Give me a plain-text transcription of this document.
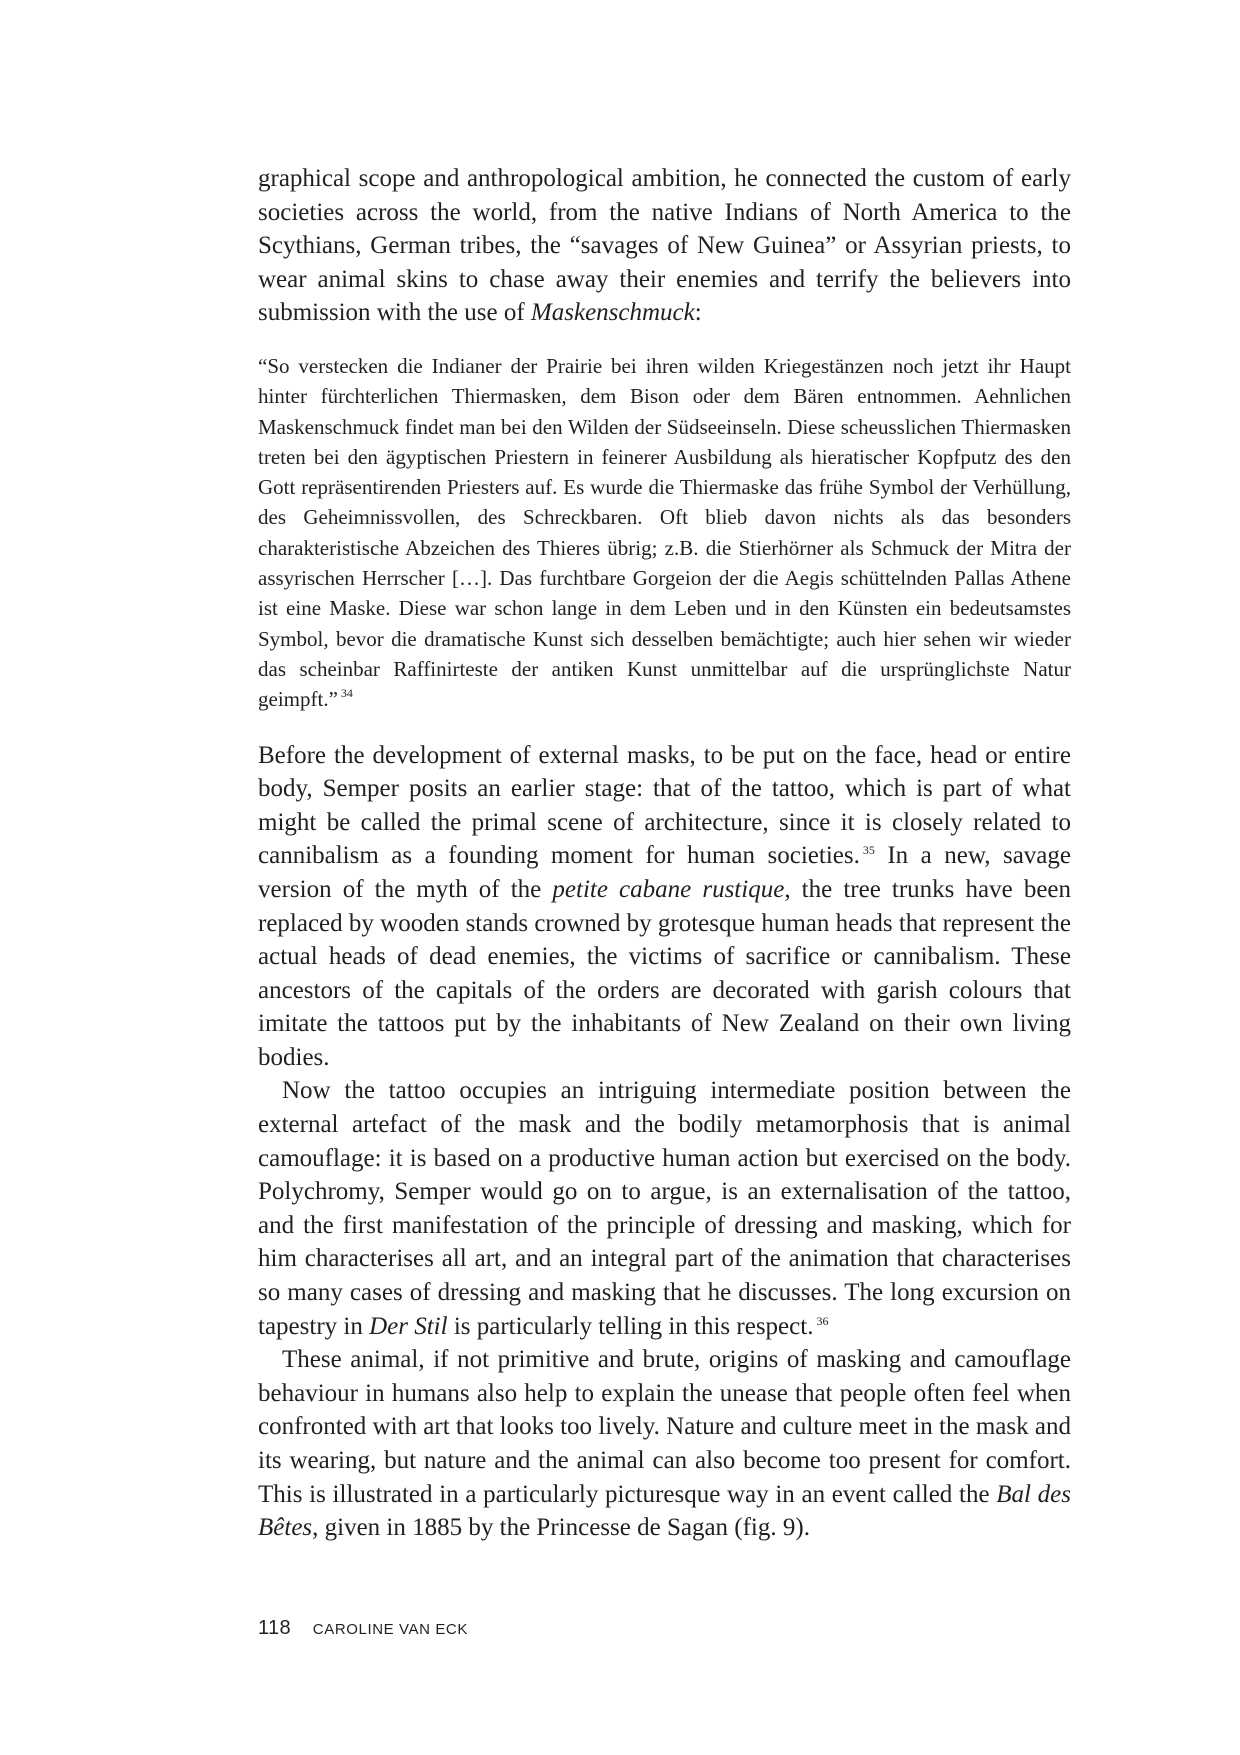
graphical scope and anthropological ambition, he connected the custom of early societies across the world, from the native Indians of North America to the Scythians, German tribes, the “savages of New Guinea” or Assyrian priests, to wear animal skins to chase away their enemies and terrify the believers into submission with the use of Maskenschmuck:

“So verstecken die Indianer der Prairie bei ihren wilden Kriegestänzen noch jetzt ihr Haupt hinter fürchterlichen Thiermasken, dem Bison oder dem Bären entnommen. Aehnlichen Maskenschmuck findet man bei den Wilden der Südseeinseln. Diese scheusslichen Thiermasken treten bei den ägyptischen Priestern in feinerer Ausbildung als hieratischer Kopfputz des den Gott repräsentirenden Priesters auf. Es wurde die Thiermaske das frühe Symbol der Verhüllung, des Geheimnissvollen, des Schreckbaren. Oft blieb davon nichts als das besonders charakteristische Abzeichen des Thieres übrig; z.B. die Stierhörner als Schmuck der Mitra der assyrischen Herrscher […]. Das furchtbare Gorgeion der die Aegis schüttelnden Pallas Athene ist eine Maske. Diese war schon lange in dem Leben und in den Künsten ein bedeutsamstes Symbol, bevor die dramatische Kunst sich desselben bemächtigte; auch hier sehen wir wieder das scheinbar Raffinirteste der antiken Kunst unmittelbar auf die ursprünglichste Natur geimpft.” $^{34}$

Before the development of external masks, to be put on the face, head or entire body, Semper posits an earlier stage: that of the tattoo, which is part of what might be called the primal scene of architecture, since it is closely related to cannibalism as a founding moment for human societies. $^{35}$ In a new, savage version of the myth of the petite cabane rustique, the tree trunks have been replaced by wooden stands crowned by grotesque human heads that represent the actual heads of dead enemies, the victims of sacrifice or cannibalism. These ancestors of the capitals of the orders are decorated with garish colours that imitate the tattoos put by the inhabitants of New Zealand on their own living bodies.

Now the tattoo occupies an intriguing intermediate position between the external artefact of the mask and the bodily metamorphosis that is animal camouflage: it is based on a productive human action but exercised on the body. Polychromy, Semper would go on to argue, is an externalisation of the tattoo, and the first manifestation of the principle of dressing and masking, which for him characterises all art, and an integral part of the animation that characterises so many cases of dressing and masking that he discusses. The long excursion on tapestry in Der Stil is particularly telling in this respect. $^{36}$

These animal, if not primitive and brute, origins of masking and camouflage behaviour in humans also help to explain the unease that people often feel when confronted with art that looks too lively. Nature and culture meet in the mask and its wearing, but nature and the animal can also become too present for comfort. This is illustrated in a particularly picturesque way in an event called the Bal des Bêtes, given in 1885 by the Princesse de Sagan (fig. 9).

118 CAROLINE VAN ECK
